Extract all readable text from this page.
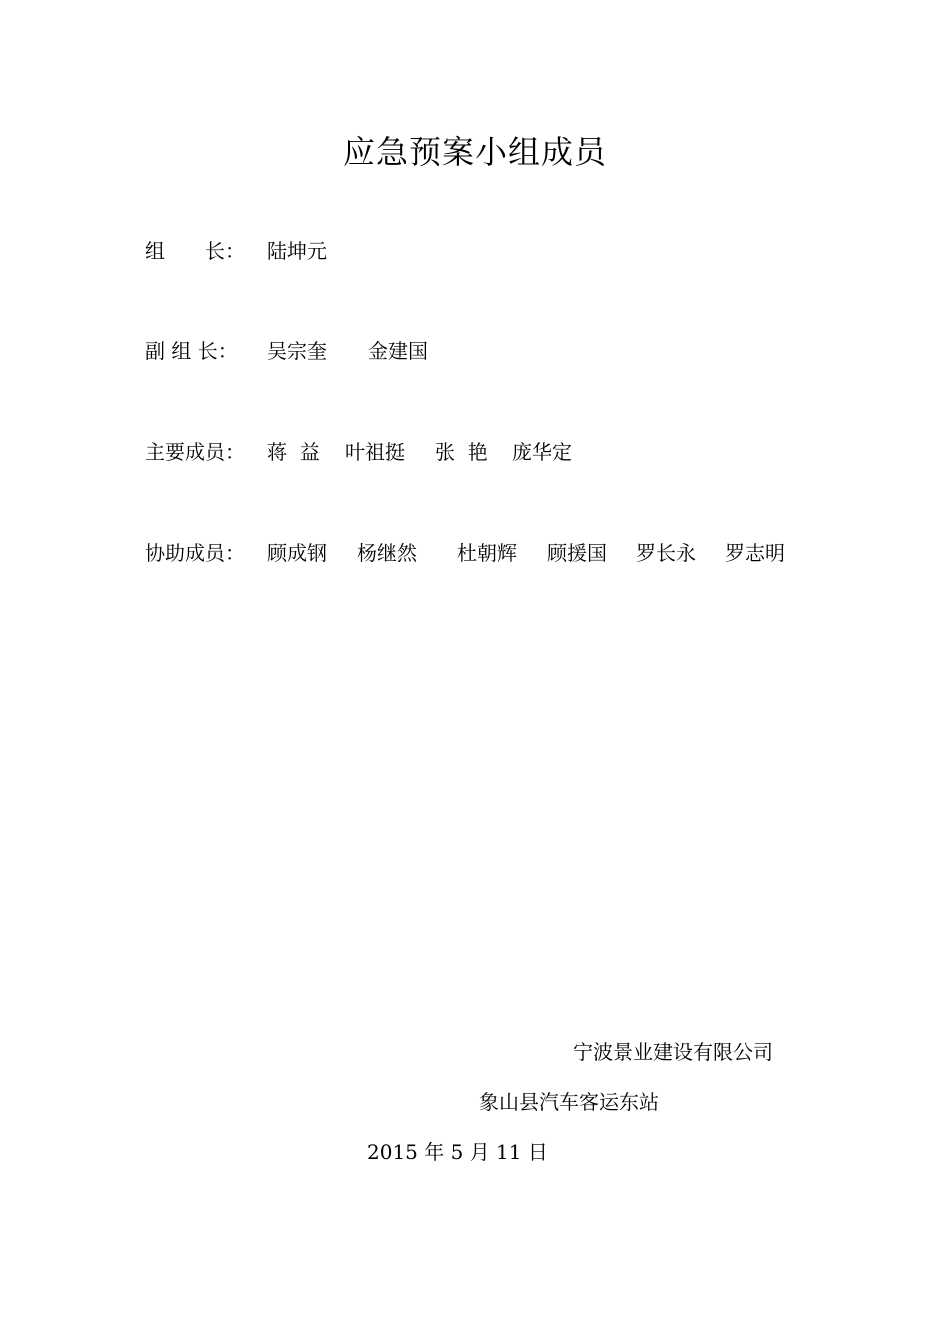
应急预案小组成员
组　　长： 陆坤元
副 组 长： 吴宗奎 金建国
主要成员： 蒋  益 叶祖挺 张  艳 庞华定
协助成员： 顾成钢 杨继然 杜朝辉 顾援国 罗长永 罗志明
宁波景业建设有限公司
象山县汽车客运东站
2015 年 5 月 11 日
